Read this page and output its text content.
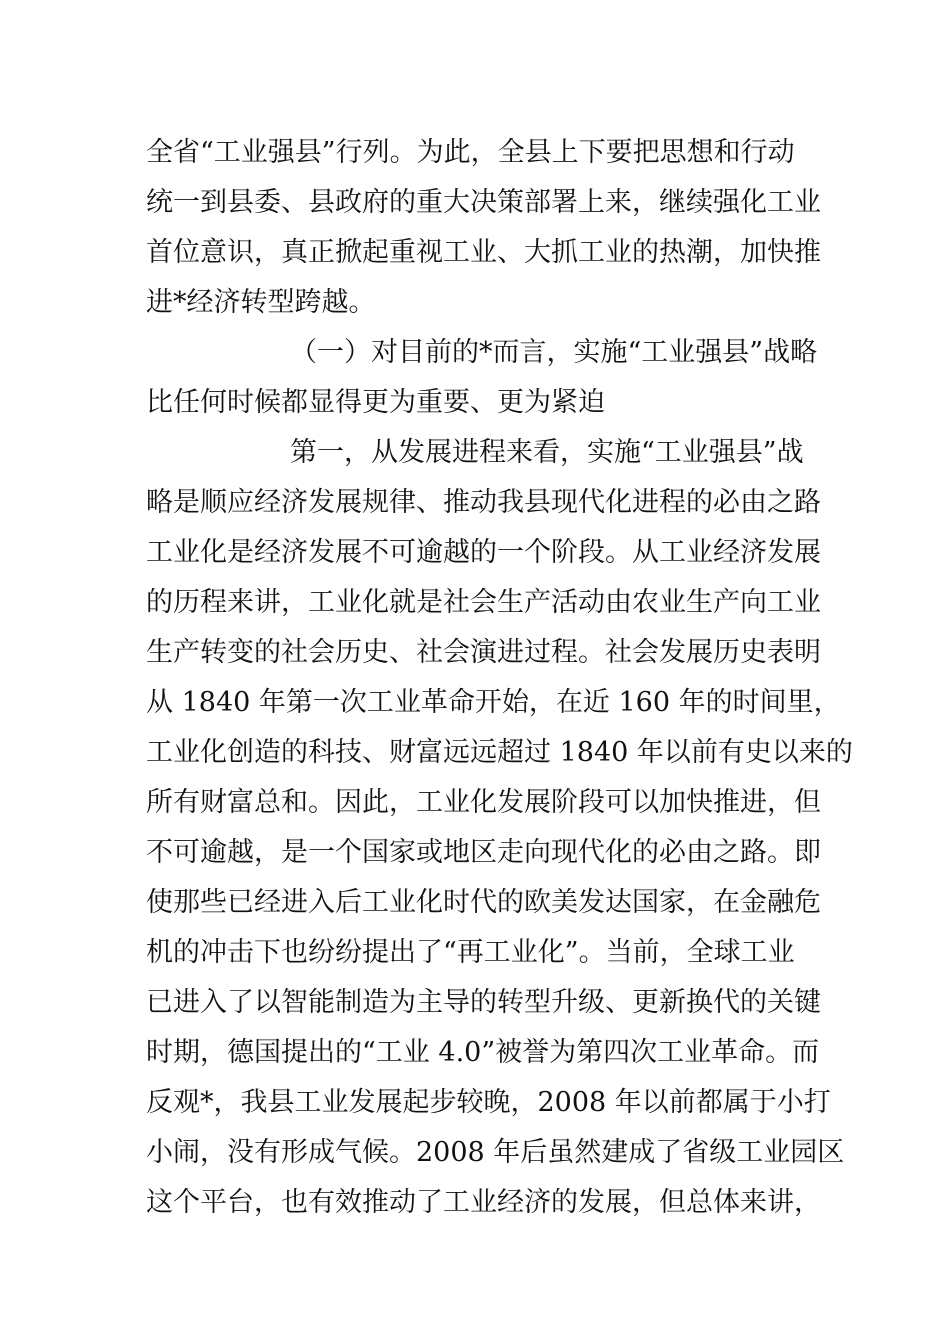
全省“工业强县”行列。为此，全县上下要把思想和行动
统一到县委、县政府的重大决策部署上来，继续强化工业
首位意识，真正掀起重视工业、大抓工业的热潮，加快推
进*经济转型跨越。
（一）对目前的*而言，实施“工业强县”战略
比任何时候都显得更为重要、更为紧迫
第一，从发展进程来看，实施“工业强县”战
略是顺应经济发展规律、推动我县现代化进程的必由之路
工业化是经济发展不可逾越的一个阶段。从工业经济发展
的历程来讲，工业化就是社会生产活动由农业生产向工业
生产转变的社会历史、社会演进过程。社会发展历史表明
从 1840 年第一次工业革命开始，在近 160 年的时间里，
工业化创造的科技、财富远远超过 1840 年以前有史以来的
所有财富总和。因此，工业化发展阶段可以加快推进，但
不可逾越，是一个国家或地区走向现代化的必由之路。即
使那些已经进入后工业化时代的欧美发达国家，在金融危
机的冲击下也纷纷提出了“再工业化”。当前，全球工业
已进入了以智能制造为主导的转型升级、更新换代的关键
时期，德国提出的“工业 4.0”被誉为第四次工业革命。而
反观*，我县工业发展起步较晚，2008 年以前都属于小打
小闹，没有形成气候。2008 年后虽然建成了省级工业园区
这个平台，也有效推动了工业经济的发展，但总体来讲，
